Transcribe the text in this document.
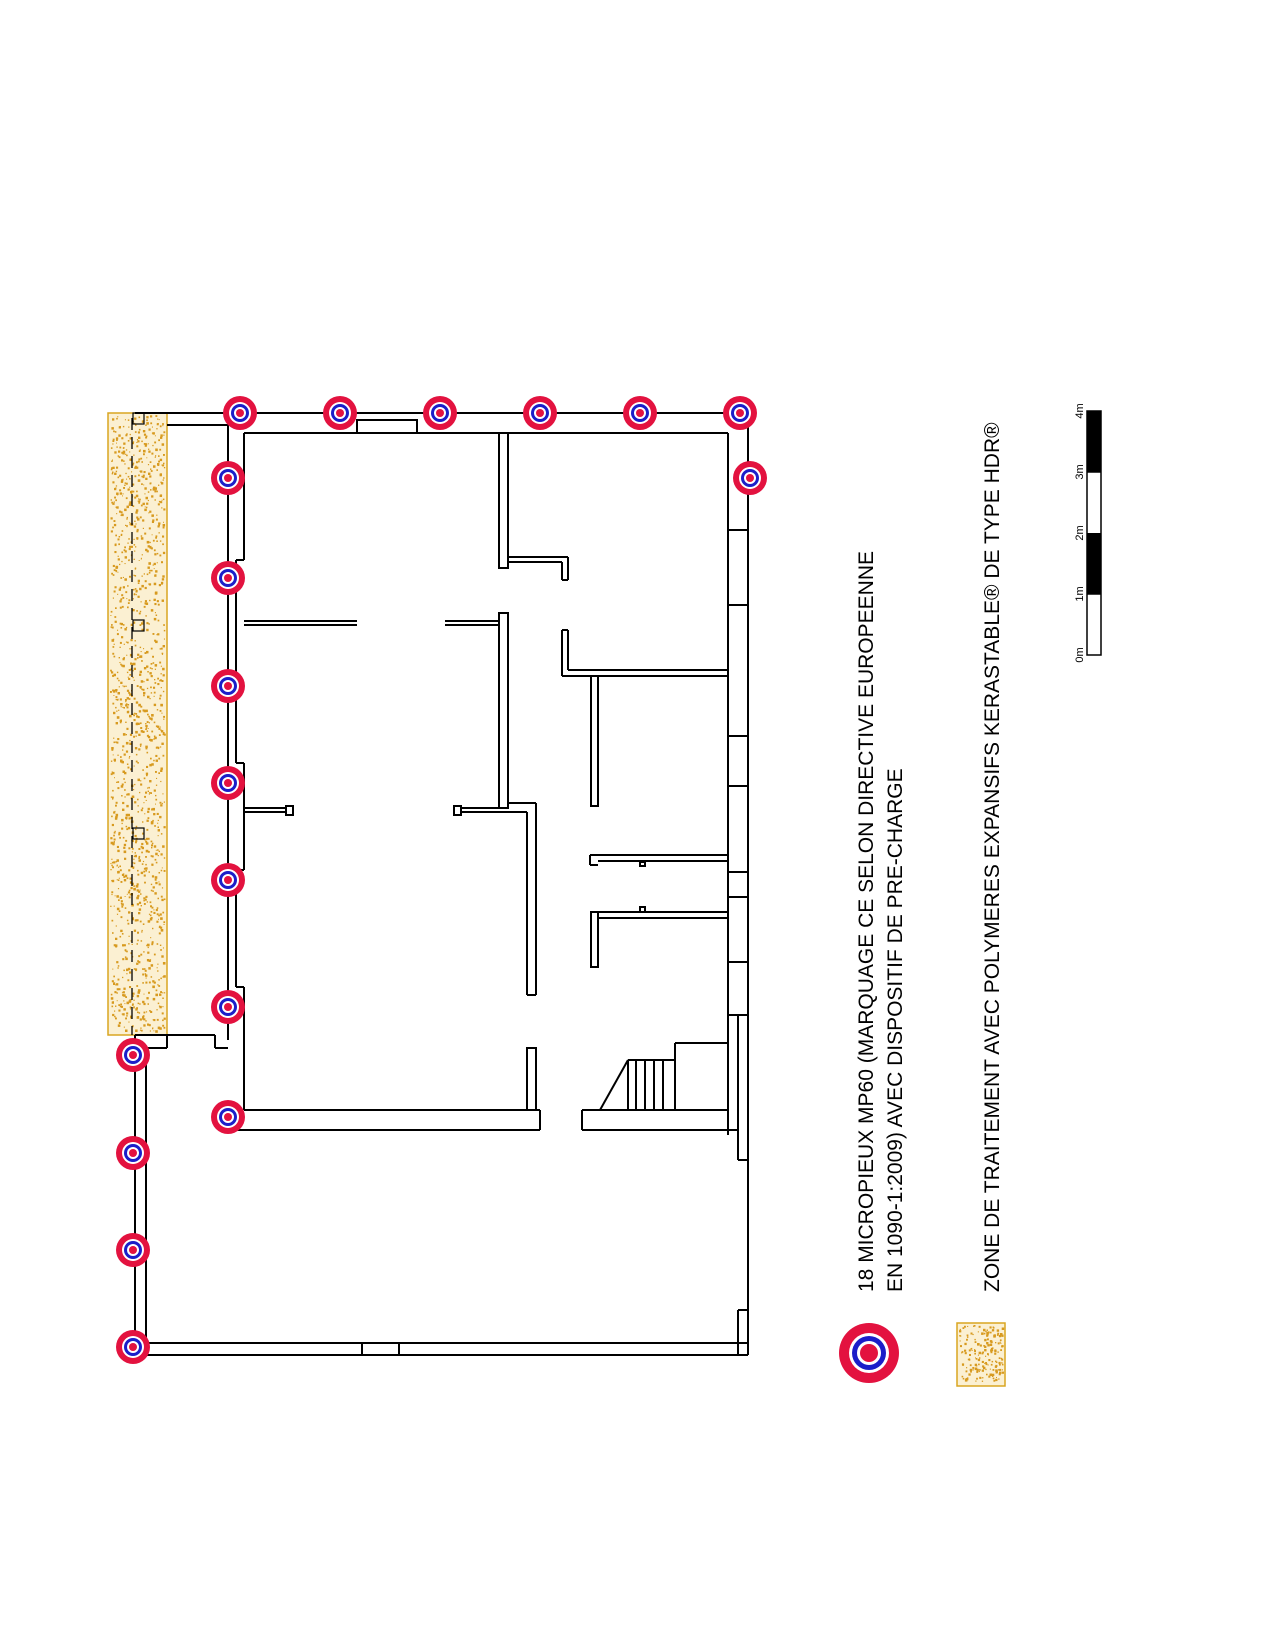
18 MICROPIEUX MP60 (MARQUAGE CE SELON DIRECTIVE EUROPEENNE EN 1090-1:2009) AVEC DISPOSITIF DE PRE-CHARGE	ZONE DE TRAITEMENT AVEC POLYMERES EXPANSIFS KERASTABLE® DE TYPE HDR®	0m
1m
2m
3m
4m
